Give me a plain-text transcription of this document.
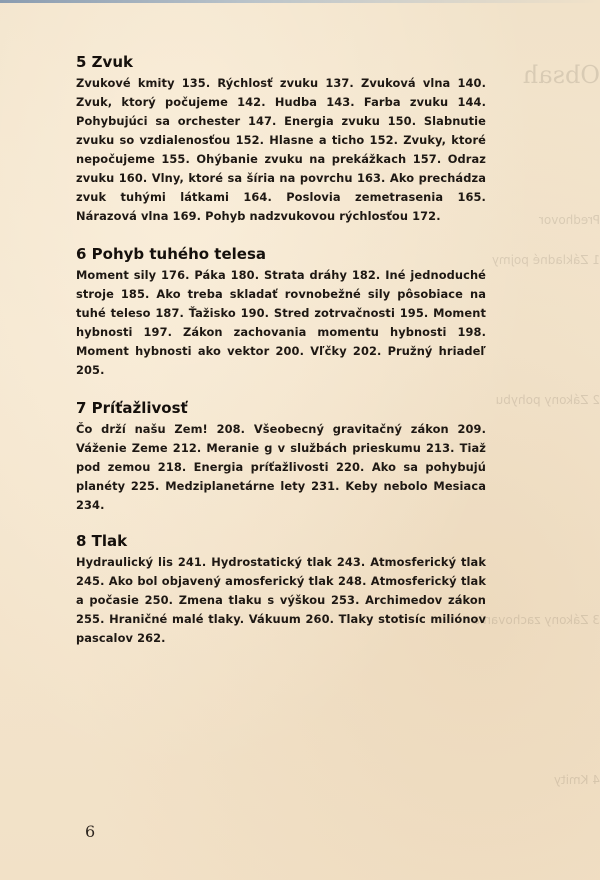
Obsah
Predhovor
1 Základné pojmy
2 Zákony pohybu
3 Zákony zachovania
4 Kmity
5 Zvuk

Zvukové kmity 135. Rýchlosť zvuku 137. Zvuková vlna 140. Zvuk, ktorý počujeme 142. Hudba 143. Farba zvuku 144. Pohybujúci sa orchester 147. Energia zvuku 150. Slabnutie zvuku so vzdialenosťou 152. Hlasne a ticho 152. Zvuky, ktoré nepočujeme 155. Ohýbanie zvuku na prekážkach 157. Odraz zvuku 160. Vlny, ktoré sa šíria na povrchu 163. Ako prechádza zvuk tuhými látkami 164. Poslovia zemetrasenia 165. Nárazová vlna 169. Pohyb nadzvukovou rýchlosťou 172.

6 Pohyb tuhého telesa

Moment sily 176. Páka 180. Strata dráhy 182. Iné jednoduché stroje 185. Ako treba skladať rovnobežné sily pôsobiace na tuhé teleso 187. Ťažisko 190. Stred zotrvačnosti 195. Moment hybnosti 197. Zákon zachovania momentu hybnosti 198. Moment hybnosti ako vektor 200. Vľčky 202. Pružný hriadeľ 205.

7 Príťažlivosť

Čo drží našu Zem! 208. Všeobecný gravitačný zákon 209. Váženie Zeme 212. Meranie g v službách prieskumu 213. Tiaž pod zemou 218. Energia príťažlivosti 220. Ako sa pohybujú planéty 225. Medziplanetárne lety 231. Keby nebolo Mesiaca 234.

8 Tlak

Hydraulický lis 241. Hydrostatický tlak 243. Atmosferický tlak 245. Ako bol objavený amosferický tlak 248. Atmosferický tlak a počasie 250. Zmena tlaku s výškou 253. Archimedov zákon 255. Hraničné malé tlaky. Vákuum 260. Tlaky stotisíc miliónov pascalov 262.

6
